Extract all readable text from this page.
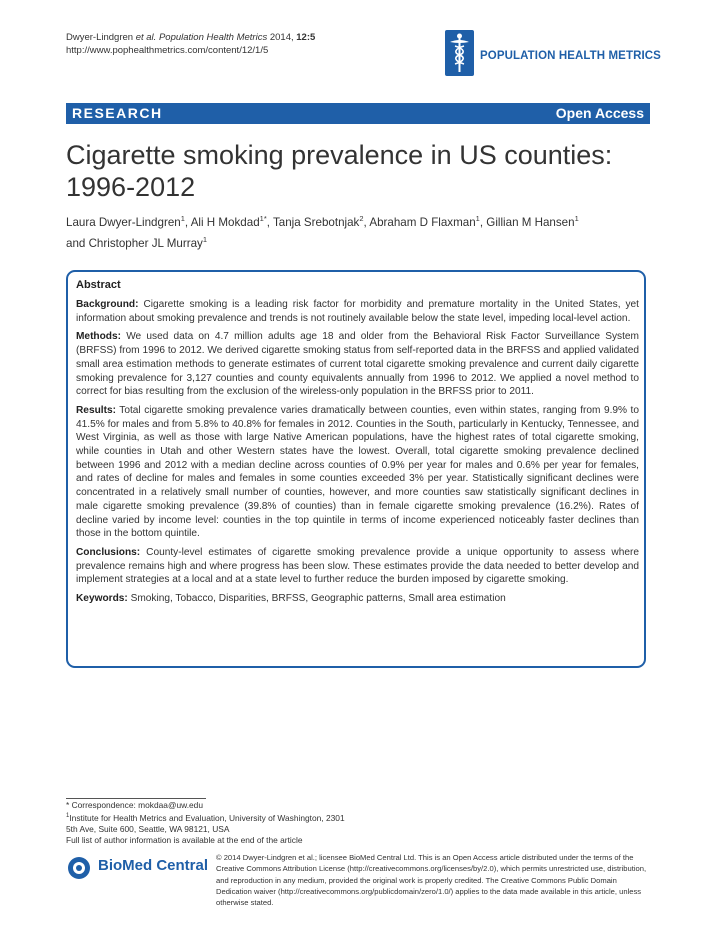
Dwyer-Lindgren et al. Population Health Metrics 2014, 12:5
http://www.pophealthmetrics.com/content/12/1/5	POPULATION HEALTH METRICS
RESEARCH	Open Access
Cigarette smoking prevalence in US counties:
1996-2012
Laura Dwyer-Lindgren$^1$, Ali H Mokdad$^{1*}$, Tanja Srebotnjak$^2$, Abraham D Flaxman$^1$, Gillian M Hansen$^1$
and Christopher JL Murray$^1$
Abstract

Background: Cigarette smoking is a leading risk factor for morbidity and premature mortality in the United States, yet information about smoking prevalence and trends is not routinely available below the state level, impeding local-level action.

Methods: We used data on 4.7 million adults age 18 and older from the Behavioral Risk Factor Surveillance System (BRFSS) from 1996 to 2012. We derived cigarette smoking status from self-reported data in the BRFSS and applied validated small area estimation methods to generate estimates of current total cigarette smoking prevalence and current daily cigarette smoking prevalence for 3,127 counties and county equivalents annually from 1996 to 2012. We applied a novel method to correct for bias resulting from the exclusion of the wireless-only population in the BRFSS prior to 2011.

Results: Total cigarette smoking prevalence varies dramatically between counties, even within states, ranging from 9.9% to 41.5% for males and from 5.8% to 40.8% for females in 2012. Counties in the South, particularly in Kentucky, Tennessee, and West Virginia, as well as those with large Native American populations, have the highest rates of total cigarette smoking, while counties in Utah and other Western states have the lowest. Overall, total cigarette smoking prevalence declined between 1996 and 2012 with a median decline across counties of 0.9% per year for males and 0.6% per year for females, and rates of decline for males and females in some counties exceeded 3% per year. Statistically significant declines were concentrated in a relatively small number of counties, however, and more counties saw statistically significant declines in male cigarette smoking prevalence (39.8% of counties) than in female cigarette smoking prevalence (16.2%). Rates of decline varied by income level: counties in the top quintile in terms of income experienced noticeably faster declines than those in the bottom quintile.

Conclusions: County-level estimates of cigarette smoking prevalence provide a unique opportunity to assess where prevalence remains high and where progress has been slow. These estimates provide the data needed to better develop and implement strategies at a local and at a state level to further reduce the burden imposed by cigarette smoking.

Keywords: Smoking, Tobacco, Disparities, BRFSS, Geographic patterns, Small area estimation

* Correspondence: mokdaa@uw.edu
$^1$Institute for Health Metrics and Evaluation, University of Washington, 2301
5th Ave, Suite 600, Seattle, WA 98121, USA
Full list of author information is available at the end of the article
BioMed Central © 2014 Dwyer-Lindgren et al.; licensee BioMed Central Ltd. This is an Open Access article distributed under the terms of the Creative Commons Attribution License (http://creativecommons.org/licenses/by/2.0), which permits unrestricted use, distribution, and reproduction in any medium, provided the original work is properly credited. The Creative Commons Public Domain Dedication waiver (http://creativecommons.org/publicdomain/zero/1.0/) applies to the data made available in this article, unless otherwise stated.
